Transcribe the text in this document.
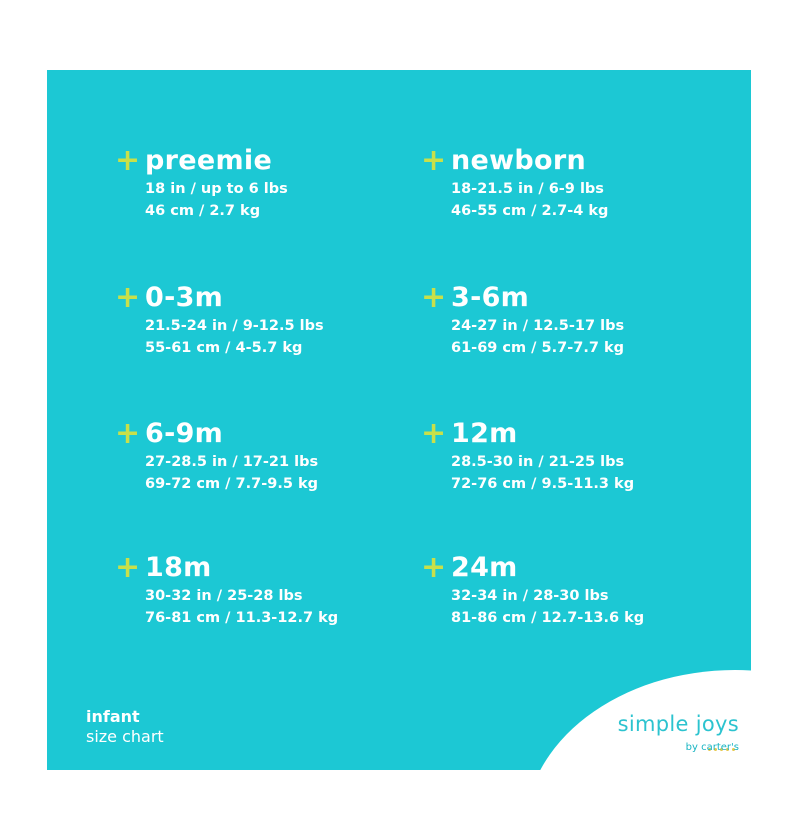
+ preemie
18 in / up to 6 lbs
46 cm / 2.7 kg
+ newborn
18-21.5 in / 6-9 lbs
46-55 cm / 2.7-4 kg
+ 0-3m
21.5-24 in / 9-12.5 lbs
55-61 cm / 4-5.7 kg
+ 3-6m
24-27 in / 12.5-17 lbs
61-69 cm / 5.7-7.7 kg
+ 6-9m
27-28.5 in / 17-21 lbs
69-72 cm / 7.7-9.5 kg
+ 12m
28.5-30 in / 21-25 lbs
72-76 cm / 9.5-11.3 kg
+ 18m
30-32 in / 25-28 lbs
76-81 cm / 11.3-12.7 kg
+ 24m
32-34 in / 28-30 lbs
81-86 cm / 12.7-13.6 kg
infant
size chart
simple joys
by carter's
